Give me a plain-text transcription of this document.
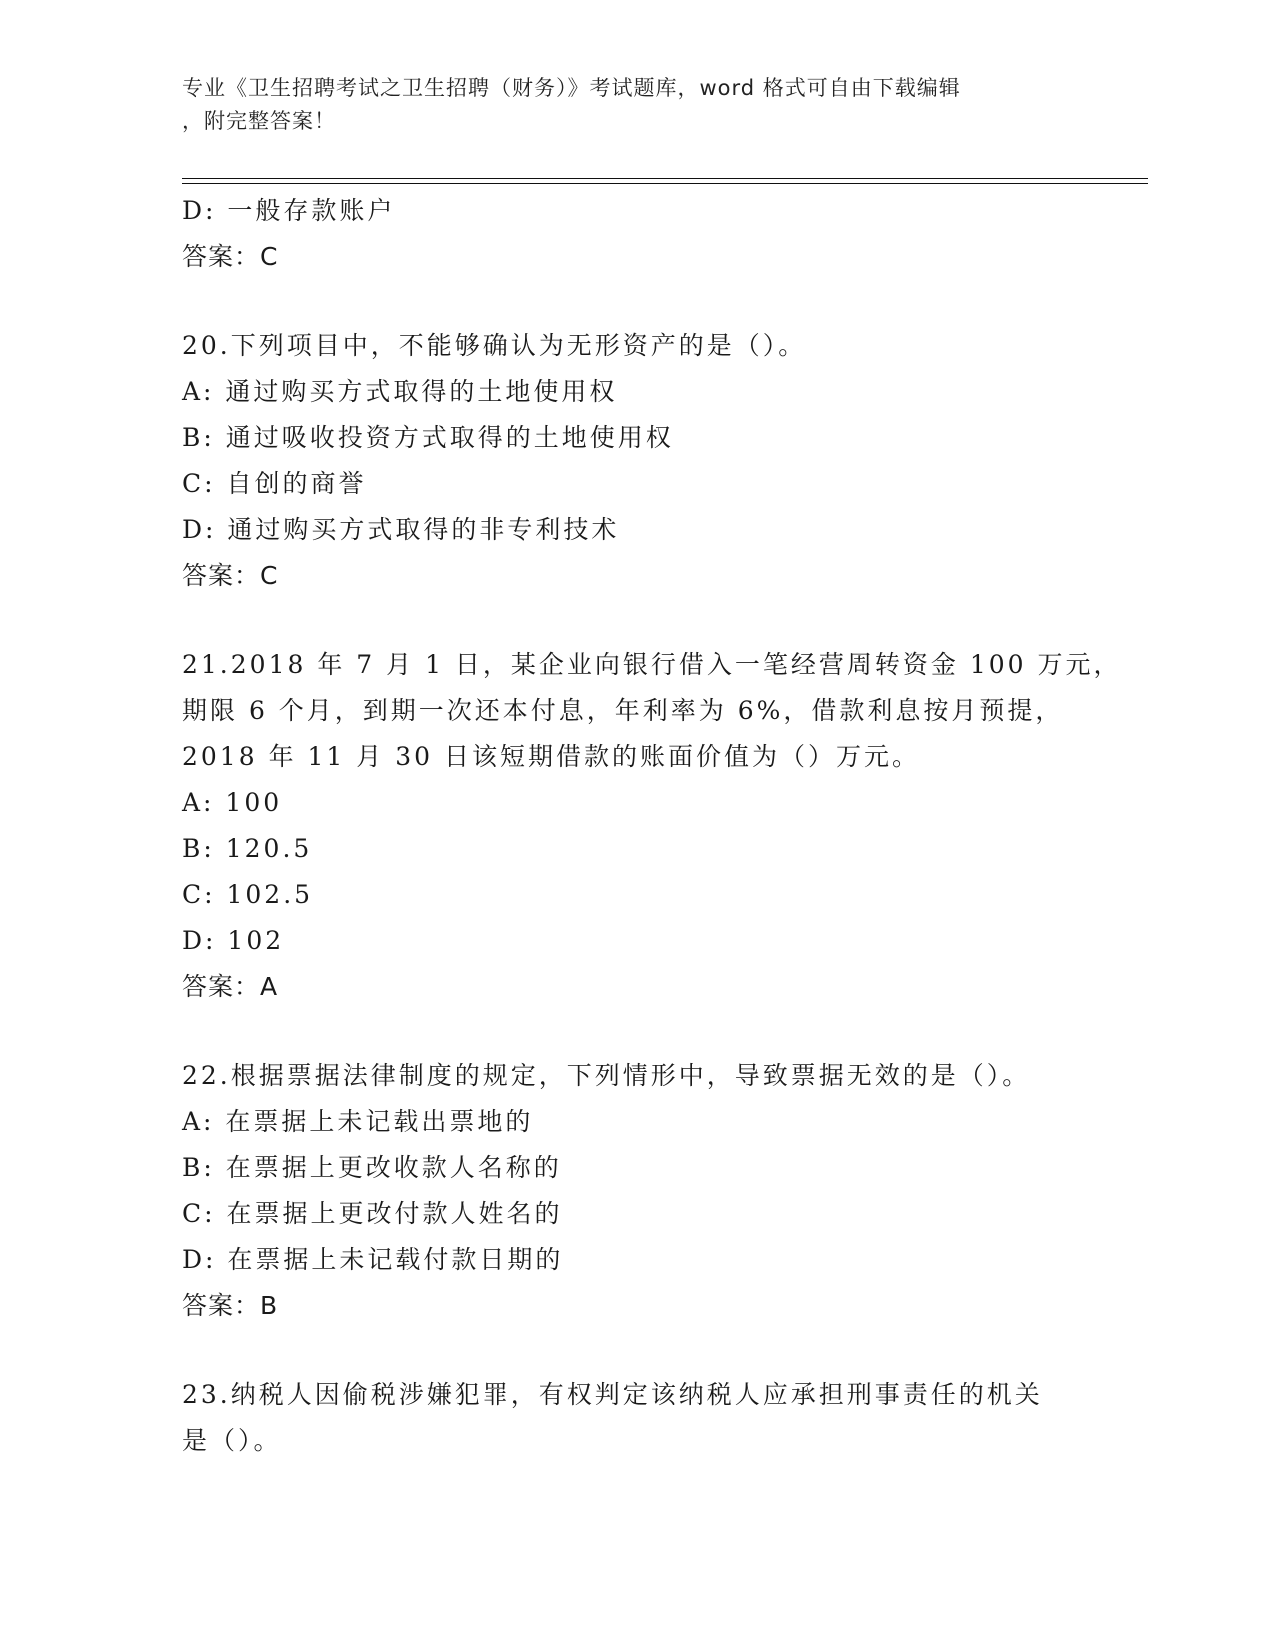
专业《卫生招聘考试之卫生招聘（财务）》考试题库，word 格式可自由下载编辑
，附完整答案！
D: 一般存款账户
答案：C
20.下列项目中，不能够确认为无形资产的是（）。
A: 通过购买方式取得的土地使用权
B: 通过吸收投资方式取得的土地使用权
C: 自创的商誉
D: 通过购买方式取得的非专利技术
答案：C
21.2018 年 7 月 1 日，某企业向银行借入一笔经营周转资金 100 万元，
期限 6 个月，到期一次还本付息，年利率为 6%，借款利息按月预提，
2018 年 11 月 30 日该短期借款的账面价值为（）万元。
A: 100
B: 120.5
C: 102.5
D: 102
答案：A
22.根据票据法律制度的规定，下列情形中，导致票据无效的是（）。
A: 在票据上未记载出票地的
B: 在票据上更改收款人名称的
C: 在票据上更改付款人姓名的
D: 在票据上未记载付款日期的
答案：B
23.纳税人因偷税涉嫌犯罪，有权判定该纳税人应承担刑事责任的机关
是（）。
